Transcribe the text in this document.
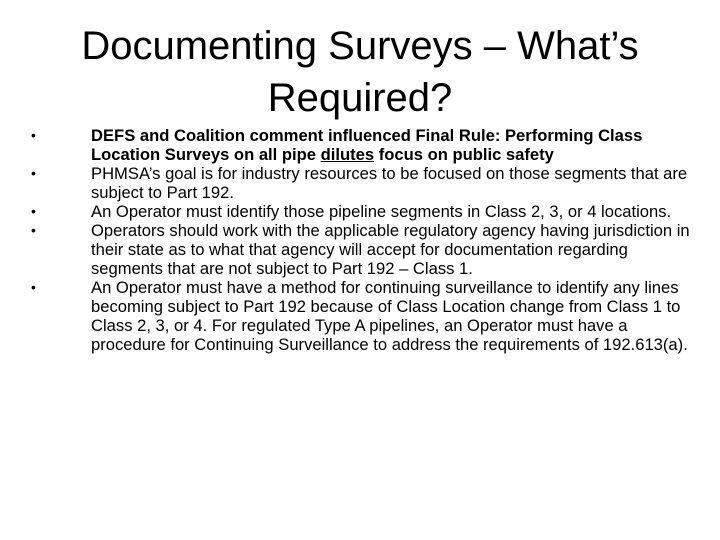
Documenting Surveys – What’s Required?
•	DEFS and Coalition comment influenced Final Rule: Performing Class Location Surveys on all pipe dilutes focus on public safety
•	PHMSA’s goal is for industry resources to be focused on those segments that are subject to Part 192.
•	An Operator must identify those pipeline segments in Class 2, 3, or 4 locations.
•	Operators should work with the applicable regulatory agency having jurisdiction in their state as to what that agency will accept for documentation regarding segments that are not subject to Part 192 – Class 1.
•	An Operator must have a method for continuing surveillance to identify any lines becoming subject to Part 192 because of Class Location change from Class 1 to Class 2, 3, or 4. For regulated Type A pipelines, an Operator must have a procedure for Continuing Surveillance to address the requirements of 192.613(a).
